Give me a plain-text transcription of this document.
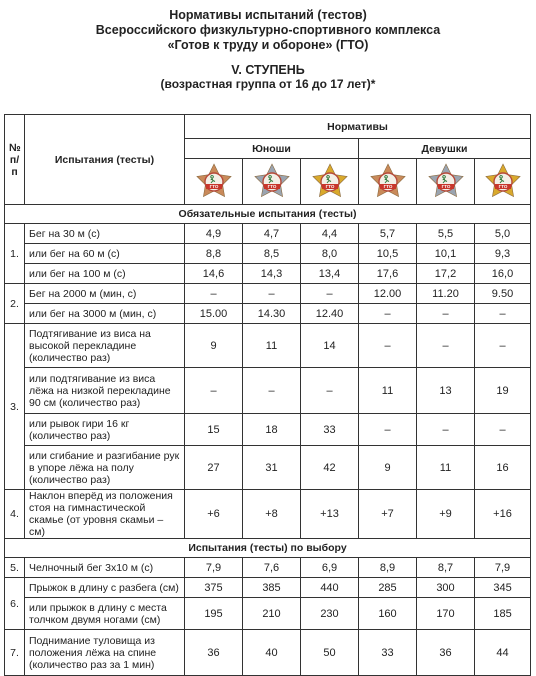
Нормативы испытаний (тестов)
Всероссийского физкультурно-спортивного комплекса
«Готов к труду и обороне» (ГТО)
V. СТУПЕНЬ
(возрастная группа от 16 до 17 лет)*
№ п/п	Испытания (тесты)	Нормативы					
		Юноши			Девушки		

ГТО	ГТО	ГТО	ГТО	ГТО	ГТО

Обязательные испытания (тесты)							
1.	Бег на 30 м (с)	4,9	4,7	4,4	5,7	5,5	5,0
	или бег на 60 м (с)	8,8	8,5	8,0	10,5	10,1	9,3
	или бег на 100 м (с)	14,6	14,3	13,4	17,6	17,2	16,0
2.	Бег на 2000 м (мин, с)	–	–	–	12.00	11.20	9.50
	или бег на 3000 м (мин, с)	15.00	14.30	12.40	–	–	–
3.	Подтягивание из виса на высокой перекладине (количество раз)	9	11	14	–	–	–
	или подтягивание из виса лёжа на низкой перекладине 90 см (количество раз)	–	–	–	11	13	19
	или рывок гири 16 кг (количество раз)	15	18	33	–	–	–
	или сгибание и разгибание рук в упоре лёжа на полу (количество раз)	27	31	42	9	11	16
4.	Наклон вперёд из положения стоя на гимнастической скамье (от уровня скамьи – см)	+6	+8	+13	+7	+9	+16
Испытания (тесты) по выбору							
5.	Челночный бег 3х10 м (с)	7,9	7,6	6,9	8,9	8,7	7,9
6.	Прыжок в длину с разбега (см)	375	385	440	285	300	345
	или прыжок в длину с места толчком двумя ногами (см)	195	210	230	160	170	185
7.	Поднимание туловища из положения лёжа на спине (количество раз за 1 мин)	36	40	50	33	36	44
